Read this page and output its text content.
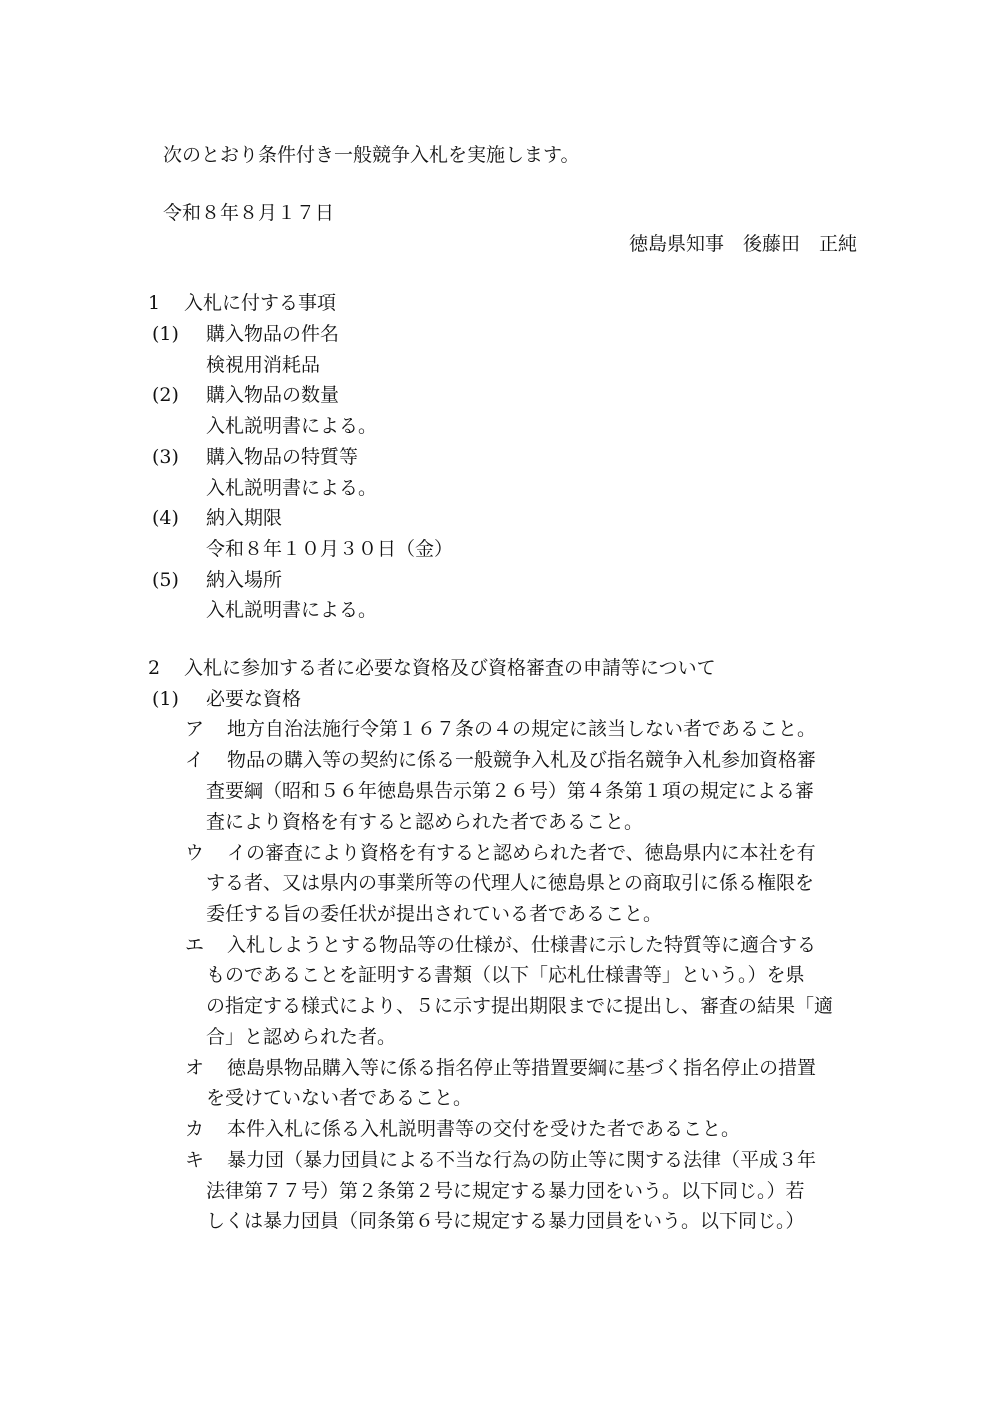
次のとおり条件付き一般競争入札を実施します。
令和８年８月１７日
徳島県知事　後藤田　正純
1 入札に付する事項
(1) 購入物品の件名
検視用消耗品
(2) 購入物品の数量
入札説明書による。
(3) 購入物品の特質等
入札説明書による。
(4) 納入期限
令和８年１０月３０日（金）
(5) 納入場所
入札説明書による。
2 入札に参加する者に必要な資格及び資格審査の申請等について
(1) 必要な資格
ア 地方自治法施行令第１６７条の４の規定に該当しない者であること。
イ 物品の購入等の契約に係る一般競争入札及び指名競争入札参加資格審
査要綱（昭和５６年徳島県告示第２６号）第４条第１項の規定による審
査により資格を有すると認められた者であること。
ウ イの審査により資格を有すると認められた者で、徳島県内に本社を有
する者、又は県内の事業所等の代理人に徳島県との商取引に係る権限を
委任する旨の委任状が提出されている者であること。
エ 入札しようとする物品等の仕様が、仕様書に示した特質等に適合する
ものであることを証明する書類（以下「応札仕様書等」という。）を県
の指定する様式により、５に示す提出期限までに提出し、審査の結果「適
合」と認められた者。
オ 徳島県物品購入等に係る指名停止等措置要綱に基づく指名停止の措置
を受けていない者であること。
カ 本件入札に係る入札説明書等の交付を受けた者であること。
キ 暴力団（暴力団員による不当な行為の防止等に関する法律（平成３年
法律第７７号）第２条第２号に規定する暴力団をいう。以下同じ。）若
しくは暴力団員（同条第６号に規定する暴力団員をいう。以下同じ。）
